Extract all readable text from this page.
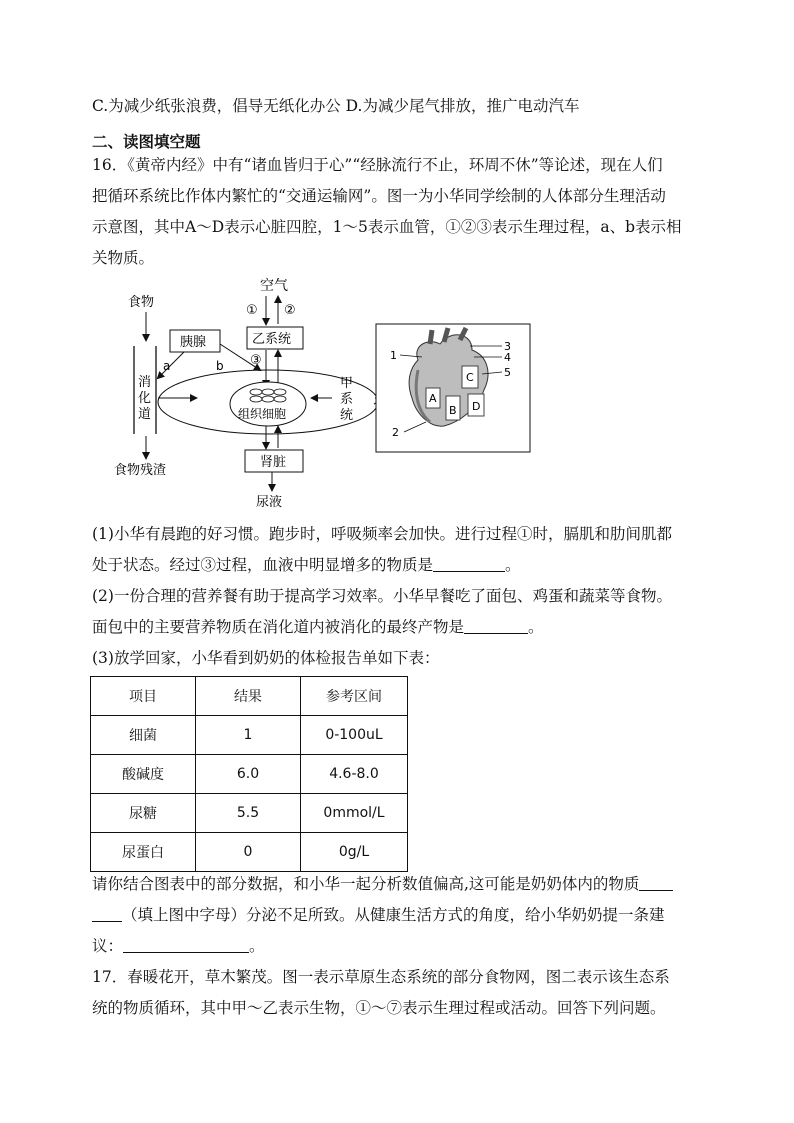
C.为减少纸张浪费，倡导无纸化办公 D.为减少尾气排放，推广电动汽车
二、读图填空题
16．《黄帝内经》中有“诸血皆归于心”“经脉流行不止，环周不休”等论述，现在人们
把循环系统比作体内繁忙的“交通运输网”。图一为小华同学绘制的人体部分生理活动
示意图，其中A～D表示心脏四腔，1～5表示血管，①②③表示生理过程，a、b表示相
关物质。
空气
① ②
乙系统
③
食物
胰腺
a	b
消
化
道
食物残渣
组织细胞
甲
系
统
肾脏
尿液
A
B
C
D
1
2
3
4
5
(1)小华有晨跑的好习惯。跑步时，呼吸频率会加快。进行过程①时，膈肌和肋间肌都
处于状态。经过③过程，血液中明显增多的物质是	。
(2)一份合理的营养餐有助于提高学习效率。小华早餐吃了面包、鸡蛋和蔬菜等食物。
面包中的主要营养物质在消化道内被消化的最终产物是	。
(3)放学回家，小华看到奶奶的体检报告单如下表：
项目	结果	参考区间
细菌	1	0-100uL
酸碱度	6.0	4.6-8.0
尿糖	5.5	0mmol/L
尿蛋白	0	0g/L
请你结合图表中的部分数据，和小华一起分析数值偏高,这可能是奶奶体内的物质
（填上图中字母）分泌不足所致。从健康生活方式的角度，给小华奶奶提一条建
议：	。
17．春暖花开，草木繁茂。图一表示草原生态系统的部分食物网，图二表示该生态系
统的物质循环，其中甲～乙表示生物，①～⑦表示生理过程或活动。回答下列问题。
